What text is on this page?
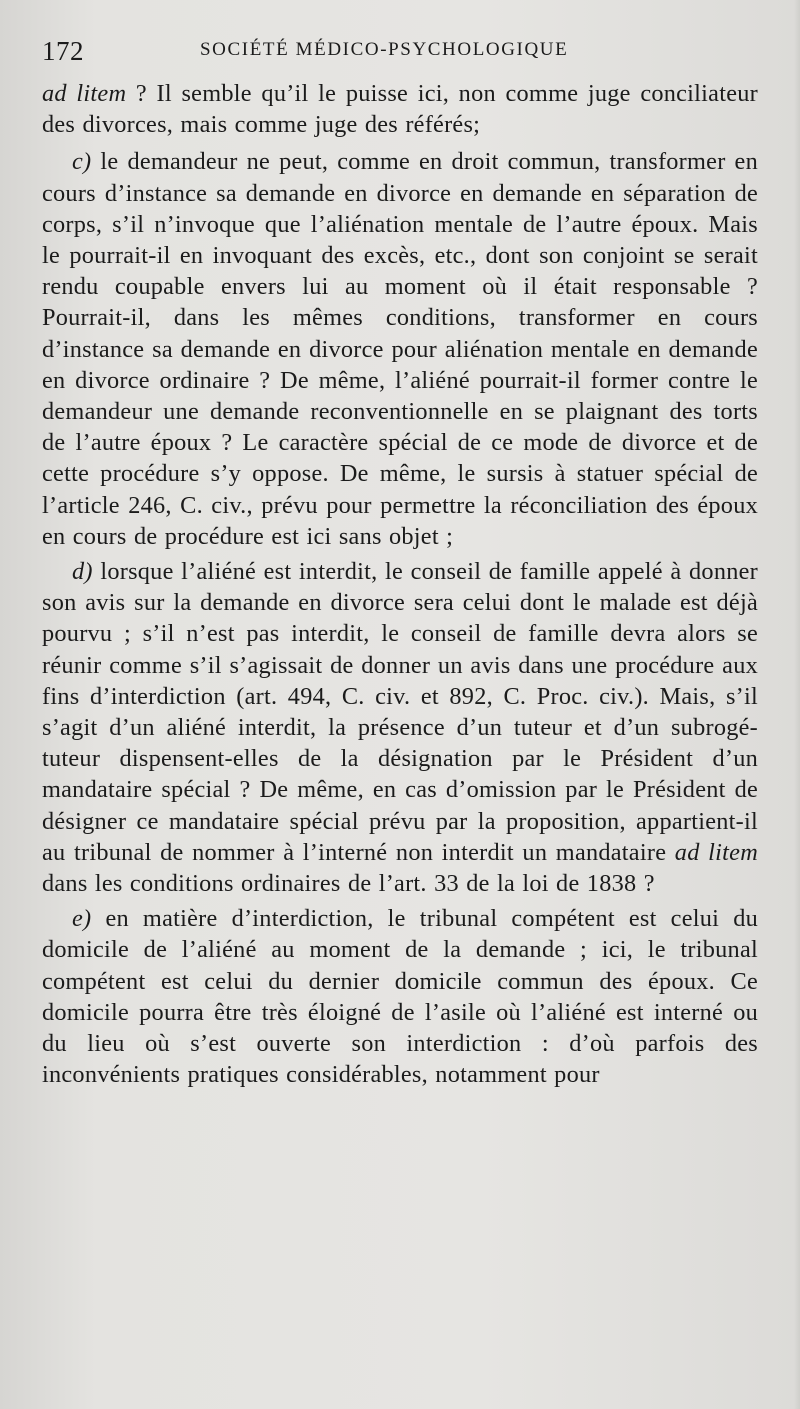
172	SOCIÉTÉ MÉDICO-PSYCHOLOGIQUE

ad litem ? Il semble qu’il le puisse ici, non comme juge conciliateur des divorces, mais comme juge des référés;

c) le demandeur ne peut, comme en droit commun, transformer en cours d’instance sa demande en divorce en demande en séparation de corps, s’il n’invoque que l’aliénation mentale de l’autre époux. Mais le pourrait-il en invoquant des excès, etc., dont son conjoint se serait rendu coupable envers lui au moment où il était responsable ? Pourrait-il, dans les mêmes conditions, transformer en cours d’instance sa demande en divorce pour aliénation mentale en demande en divorce ordinaire ? De même, l’aliéné pourrait-il former contre le demandeur une demande reconventionnelle en se plaignant des torts de l’autre époux ? Le caractère spécial de ce mode de divorce et de cette procédure s’y oppose. De même, le sursis à statuer spécial de l’article 246, C. civ., prévu pour permettre la réconciliation des époux en cours de procédure est ici sans objet ;

d) lorsque l’aliéné est interdit, le conseil de famille appelé à donner son avis sur la demande en divorce sera celui dont le malade est déjà pourvu ; s’il n’est pas interdit, le conseil de famille devra alors se réunir comme s’il s’agissait de donner un avis dans une procédure aux fins d’interdiction (art. 494, C. civ. et 892, C. Proc. civ.). Mais, s’il s’agit d’un aliéné interdit, la présence d’un tuteur et d’un subrogé-tuteur dispensent-elles de la désignation par le Président d’un mandataire spécial ? De même, en cas d’omission par le Président de désigner ce mandataire spécial prévu par la proposition, appartient-il au tribunal de nommer à l’interné non interdit un mandataire ad litem dans les conditions ordinaires de l’art. 33 de la loi de 1838 ?

e) en matière d’interdiction, le tribunal compétent est celui du domicile de l’aliéné au moment de la demande ; ici, le tribunal compétent est celui du dernier domicile commun des époux. Ce domicile pourra être très éloigné de l’asile où l’aliéné est interné ou du lieu où s’est ouverte son interdiction : d’où parfois des inconvénients pratiques considérables, notamment pour
